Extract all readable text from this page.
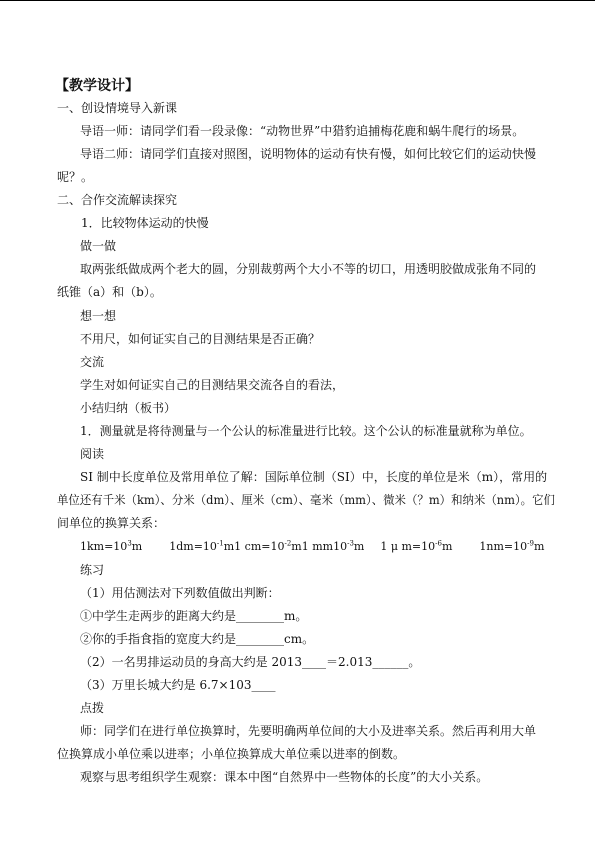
【教学设计】
一、创设情境导入新课
导语一师：请同学们看一段录像：“动物世界”中猎豹追捕梅花鹿和蜗牛爬行的场景。
导语二师：请同学们直接对照图，说明物体的运动有快有慢，如何比较它们的运动快慢
呢？。
二、合作交流解读探究
1．比较物体运动的快慢
做一做
取两张纸做成两个老大的圆，分别裁剪两个大小不等的切口，用透明胶做成张角不同的
纸锥（a）和（b）。
想一想
不用尺，如何证实自己的目测结果是否正确？
交流
学生对如何证实自己的目测结果交流各自的看法，
小结归纳（板书）
1．测量就是将待测量与一个公认的标准量进行比较。这个公认的标准量就称为单位。
阅读
SI 制中长度单位及常用单位了解：国际单位制（SI）中，长度的单位是米（m），常用的
单位还有千米（km）、分米（dm）、厘米（cm）、毫米（mm）、微米（？m）和纳米（nm）。它们
间单位的换算关系：
$1km=10^3m$ $1dm=10^{-1}m1$ $cm=10^{-2}m1$ $mm10^{-3}m$ 1 μ $m=10^{-6}m$ $1nm=10^{-9}m$
练习
（1）用估测法对下列数值做出判断：
①中学生走两步的距离大约是________m。
②你的手指食指的宽度大约是________cm。
（2）一名男排运动员的身高大约是 2013____＝2.013______。
（3）万里长城大约是 6.7×103____
点拨
师：同学们在进行单位换算时，先要明确两单位间的大小及进率关系。然后再利用大单
位换算成小单位乘以进率；小单位换算成大单位乘以进率的倒数。
观察与思考组织学生观察：课本中图“自然界中一些物体的长度”的大小关系。
